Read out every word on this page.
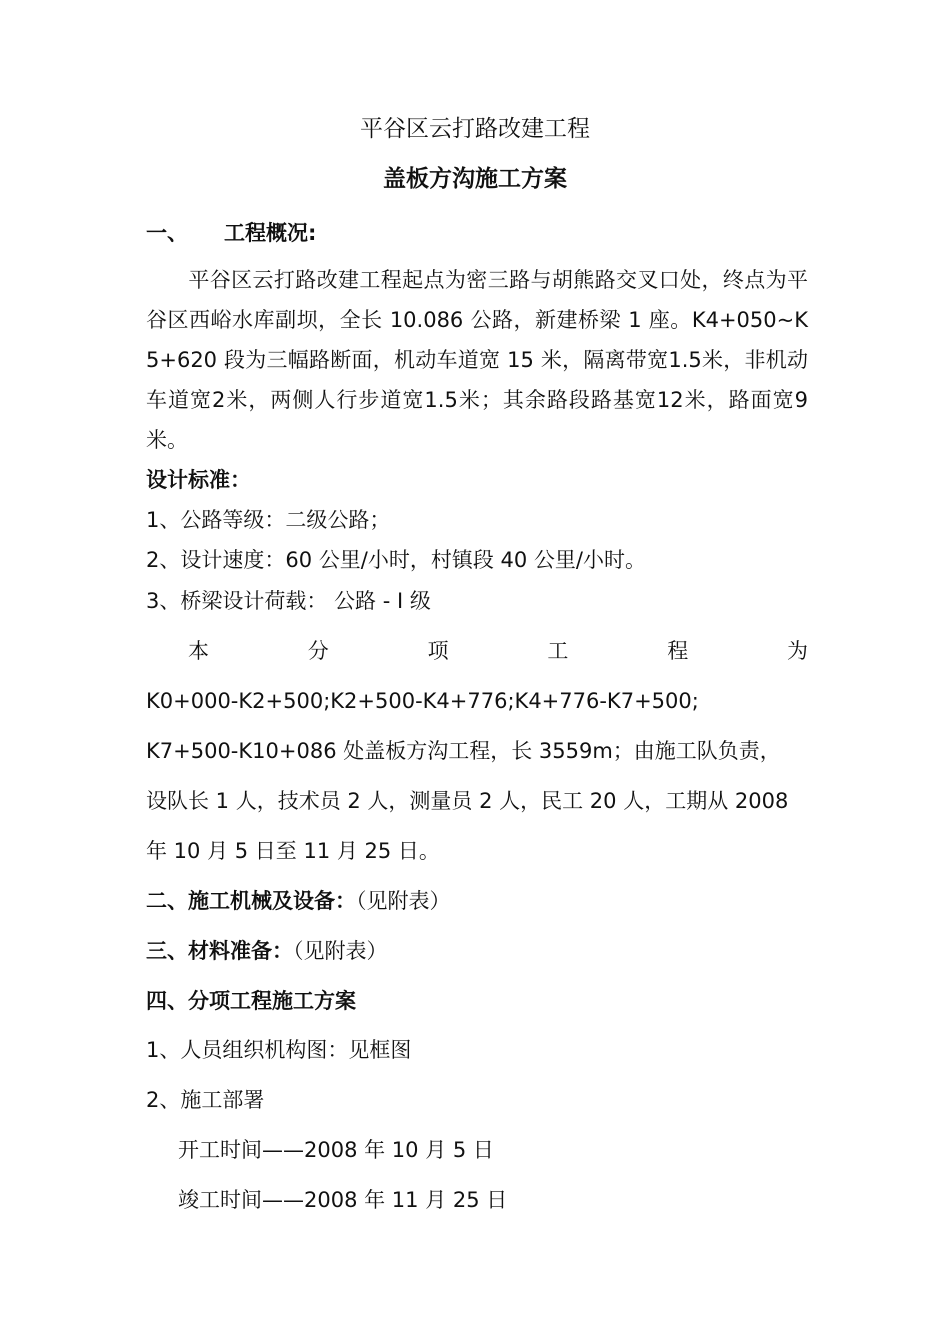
平谷区云打路改建工程
盖板方沟施工方案
一、 工程概况:
平谷区云打路改建工程起点为密三路与胡熊路交叉口处，终点为平谷区西峪水库副坝，全长 10.086 公路，新建桥梁 1 座。K4+050~K5+620 段为三幅路断面，机动车道宽 15 米，隔离带宽1.5米，非机动车道宽2米，两侧人行步道宽1.5米；其余路段路基宽12米，路面宽9米。
设计标准：
1、公路等级：二级公路；
2、设计速度：60 公里/小时，村镇段 40 公里/小时。
3、桥梁设计荷载： 公路 - I 级
本	分	项	工	程	为
K0+000-K2+500;K2+500-K4+776;K4+776-K7+500;
K7+500-K10+086 处盖板方沟工程，长 3559m；由施工队负责，
设队长 1 人，技术员 2 人，测量员 2 人，民工 20 人，工期从 2008
年 10 月 5 日至 11 月 25 日。
二、施工机械及设备：（见附表）
三、材料准备：（见附表）
四、分项工程施工方案
1、人员组织机构图：见框图
2、施工部署
开工时间——2008 年 10 月 5 日
竣工时间——2008 年 11 月 25 日
